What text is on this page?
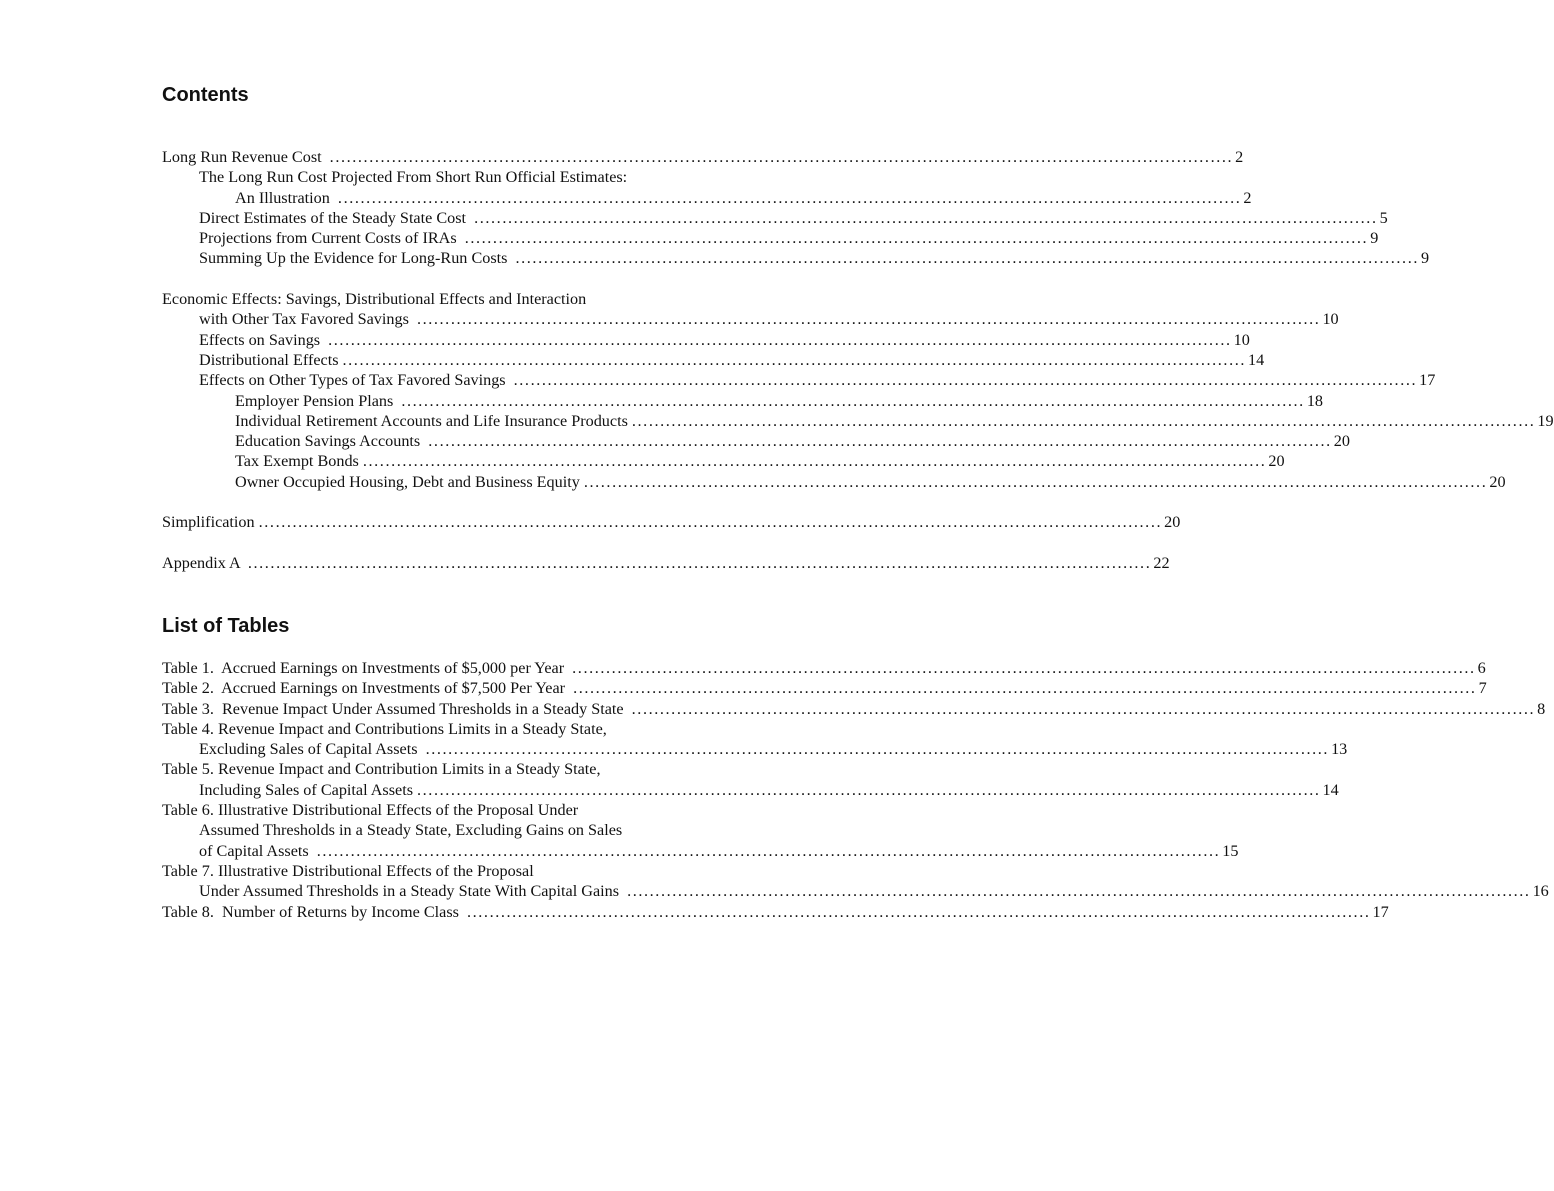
Contents
Long Run Revenue Cost ................................................................................................................................................................ 2
The Long Run Cost Projected From Short Run Official Estimates:
An Illustration ................................................................................................................................................................ 2
Direct Estimates of the Steady State Cost ................................................................................................................................................................ 5
Projections from Current Costs of IRAs ................................................................................................................................................................ 9
Summing Up the Evidence for Long-Run Costs ................................................................................................................................................................ 9
Economic Effects: Savings, Distributional Effects and Interaction
with Other Tax Favored Savings ................................................................................................................................................................ 10
Effects on Savings ................................................................................................................................................................ 10
Distributional Effects ................................................................................................................................................................ 14
Effects on Other Types of Tax Favored Savings ................................................................................................................................................................ 17
Employer Pension Plans ................................................................................................................................................................ 18
Individual Retirement Accounts and Life Insurance Products ................................................................................................................................................................ 19
Education Savings Accounts ................................................................................................................................................................ 20
Tax Exempt Bonds ................................................................................................................................................................ 20
Owner Occupied Housing, Debt and Business Equity ................................................................................................................................................................ 20
Simplification ................................................................................................................................................................ 20
Appendix A ................................................................................................................................................................ 22
List of Tables
Table 1.  Accrued Earnings on Investments of $5,000 per Year ................................................................................................................................................................ 6
Table 2.  Accrued Earnings on Investments of $7,500 Per Year ................................................................................................................................................................ 7
Table 3.  Revenue Impact Under Assumed Thresholds in a Steady State ................................................................................................................................................................ 8
Table 4. Revenue Impact and Contributions Limits in a Steady State,
Excluding Sales of Capital Assets ................................................................................................................................................................ 13
Table 5. Revenue Impact and Contribution Limits in a Steady State,
Including Sales of Capital Assets ................................................................................................................................................................ 14
Table 6. Illustrative Distributional Effects of the Proposal Under
Assumed Thresholds in a Steady State, Excluding Gains on Sales
of Capital Assets ................................................................................................................................................................ 15
Table 7. Illustrative Distributional Effects of the Proposal
Under Assumed Thresholds in a Steady State With Capital Gains ................................................................................................................................................................ 16
Table 8.  Number of Returns by Income Class ................................................................................................................................................................ 17
